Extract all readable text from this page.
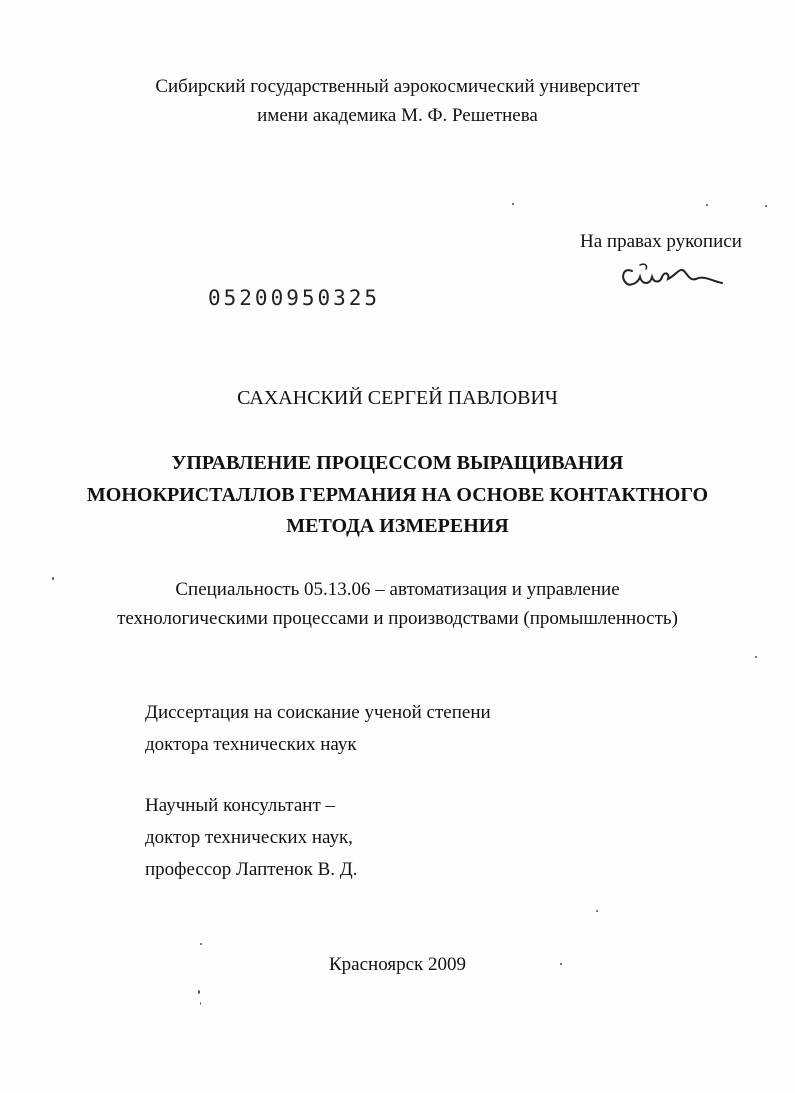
Сибирский государственный аэрокосмический университет
имени академика М. Ф. Решетнева
На правах рукописи
05200950325
САХАНСКИЙ СЕРГЕЙ ПАВЛОВИЧ
УПРАВЛЕНИЕ ПРОЦЕССОМ ВЫРАЩИВАНИЯ
МОНОКРИСТАЛЛОВ ГЕРМАНИЯ НА ОСНОВЕ КОНТАКТНОГО
МЕТОДА ИЗМЕРЕНИЯ
Специальность 05.13.06 – автоматизация и управление
технологическими процессами и производствами (промышленность)
Диссертация на соискание ученой степени
доктора технических наук
Научный консультант –
доктор технических наук,
профессор Лаптенок В. Д.
Красноярск 2009
